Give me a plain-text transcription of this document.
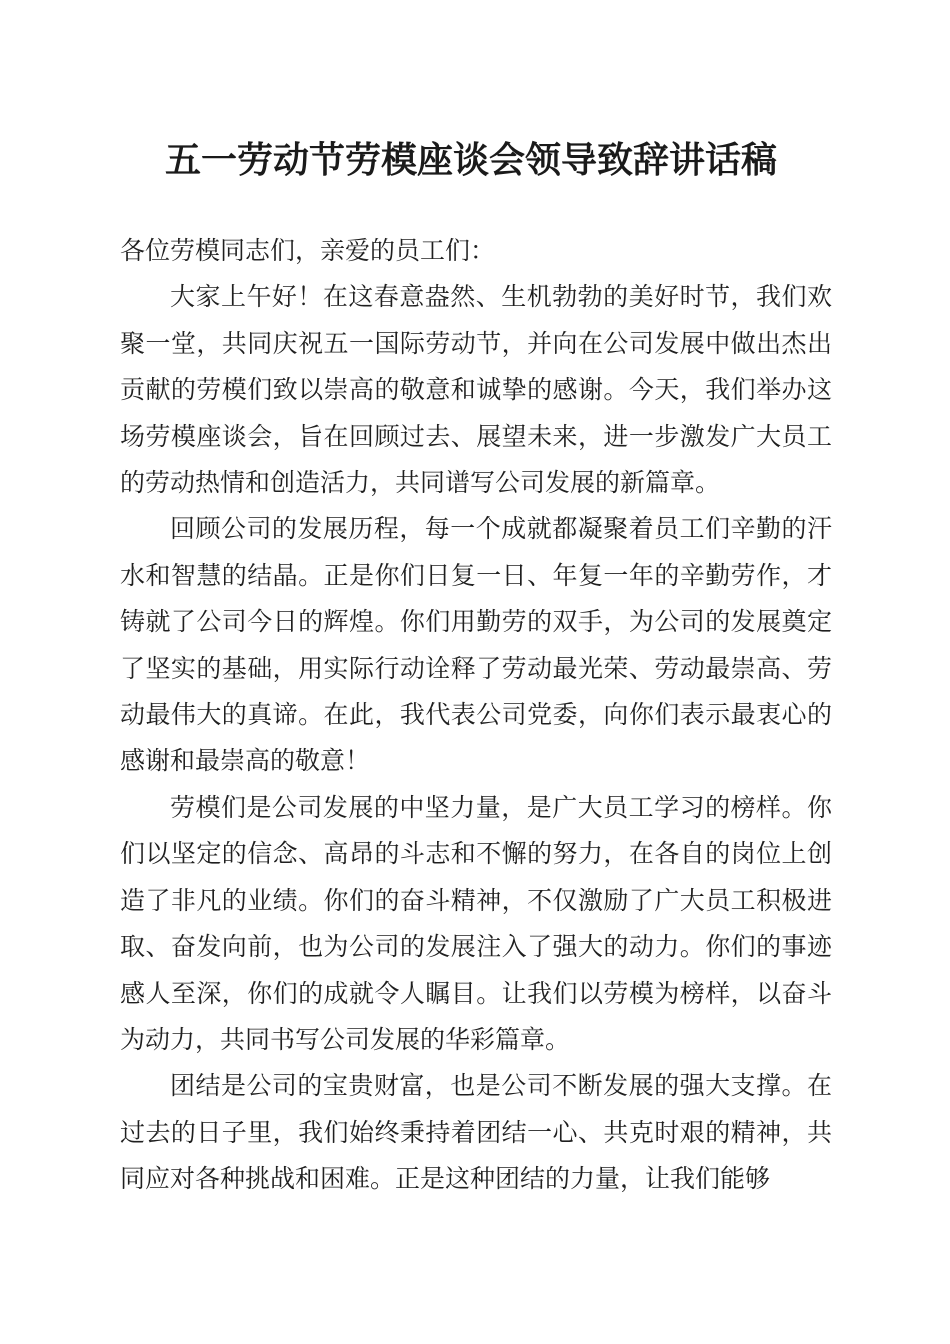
五一劳动节劳模座谈会领导致辞讲话稿

各位劳模同志们，亲爱的员工们：

大家上午好！在这春意盎然、生机勃勃的美好时节，我们欢聚一堂，共同庆祝五一国际劳动节，并向在公司发展中做出杰出贡献的劳模们致以崇高的敬意和诚挚的感谢。今天，我们举办这场劳模座谈会，旨在回顾过去、展望未来，进一步激发广大员工的劳动热情和创造活力，共同谱写公司发展的新篇章。

回顾公司的发展历程，每一个成就都凝聚着员工们辛勤的汗水和智慧的结晶。正是你们日复一日、年复一年的辛勤劳作，才铸就了公司今日的辉煌。你们用勤劳的双手，为公司的发展奠定了坚实的基础，用实际行动诠释了劳动最光荣、劳动最崇高、劳动最伟大的真谛。在此，我代表公司党委，向你们表示最衷心的感谢和最崇高的敬意！

劳模们是公司发展的中坚力量，是广大员工学习的榜样。你们以坚定的信念、高昂的斗志和不懈的努力，在各自的岗位上创造了非凡的业绩。你们的奋斗精神，不仅激励了广大员工积极进取、奋发向前，也为公司的发展注入了强大的动力。你们的事迹感人至深，你们的成就令人瞩目。让我们以劳模为榜样，以奋斗为动力，共同书写公司发展的华彩篇章。

团结是公司的宝贵财富，也是公司不断发展的强大支撑。在过去的日子里，我们始终秉持着团结一心、共克时艰的精神，共同应对各种挑战和困难。正是这种团结的力量，让我们能够
